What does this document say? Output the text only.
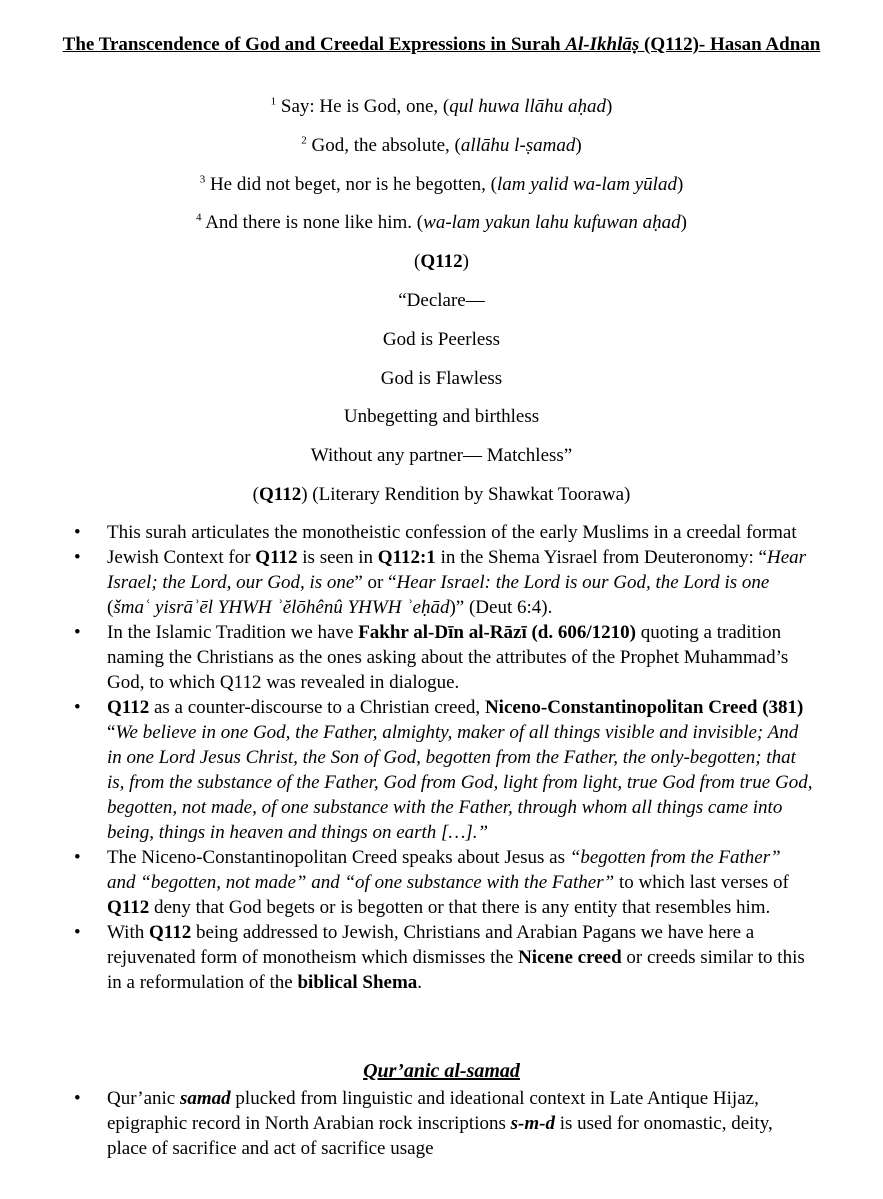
The Transcendence of God and Creedal Expressions in Surah Al-Ikhlāṣ (Q112)- Hasan Adnan
$^1$ Say: He is God, one, (qul huwa llāhu aḥad)
$^2$ God, the absolute, (allāhu l-ṣamad)
$^3$ He did not beget, nor is he begotten, (lam yalid wa-lam yūlad)
$^4$ And there is none like him. (wa-lam yakun lahu kufuwan aḥad)
(Q112)
“Declare—
God is Peerless
God is Flawless
Unbegetting and birthless
Without any partner— Matchless”
(Q112) (Literary Rendition by Shawkat Toorawa)
• This surah articulates the monotheistic confession of the early Muslims in a creedal format
• Jewish Context for Q112 is seen in Q112:1 in the Shema Yisrael from Deuteronomy: “Hear Israel; the Lord, our God, is one” or “Hear Israel: the Lord is our God, the Lord is one (šmaʿ yisrāʾēl YHWH ʾĕlōhênû YHWH ʾeḥād)” (Deut 6:4).
• In the Islamic Tradition we have Fakhr al-Dīn al-Rāzī (d. 606/1210) quoting a tradition naming the Christians as the ones asking about the attributes of the Prophet Muhammad’s God, to which Q112 was revealed in dialogue.
• Q112 as a counter-discourse to a Christian creed, Niceno-Constantinopolitan Creed (381) “We believe in one God, the Father, almighty, maker of all things visible and invisible; And in one Lord Jesus Christ, the Son of God, begotten from the Father, the only-begotten; that is, from the substance of the Father, God from God, light from light, true God from true God, begotten, not made, of one substance with the Father, through whom all things came into being, things in heaven and things on earth […].”
• The Niceno-Constantinopolitan Creed speaks about Jesus as “begotten from the Father” and “begotten, not made” and “of one substance with the Father” to which last verses of Q112 deny that God begets or is begotten or that there is any entity that resembles him.
• With Q112 being addressed to Jewish, Christians and Arabian Pagans we have here a rejuvenated form of monotheism which dismisses the Nicene creed or creeds similar to this in a reformulation of the biblical Shema.
Qur’anic al-samad
• Qur’anic samad plucked from linguistic and ideational context in Late Antique Hijaz, epigraphic record in North Arabian rock inscriptions s-m-d is used for onomastic, deity, place of sacrifice and act of sacrifice usage
